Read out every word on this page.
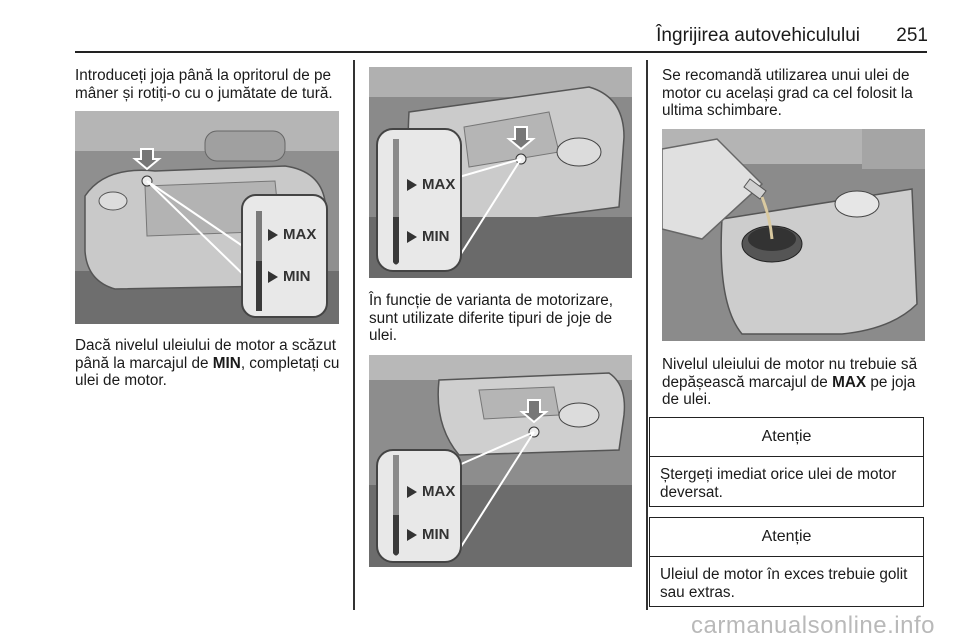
Îngrijirea autovehiculului	251

Introduceți joja până la opritorul de pe mâner și rotiți-o cu o jumătate de tură.

MAX
MIN

Dacă nivelul uleiului de motor a scăzut până la marcajul de MIN, completați cu ulei de motor.

MAX
MIN

În funcție de varianta de motorizare, sunt utilizate diferite tipuri de joje de ulei.

MAX
MIN

Se recomandă utilizarea unui ulei de motor cu același grad ca cel folosit la ultima schimbare.

Nivelul uleiului de motor nu trebuie să depășească marcajul de MAX pe joja de ulei.

Atenție
Ștergeți imediat orice ulei de motor deversat.
Atenție
Uleiul de motor în exces trebuie golit sau extras.
carmanualsonline.info
